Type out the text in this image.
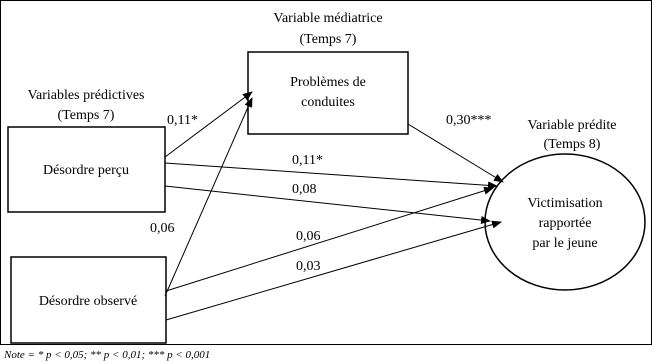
Variable médiatrice
(Temps 7)
Variables prédictives
(Temps 7)
Variable prédite
(Temps 8)
Problèmes de
conduites
Désordre perçu
Désordre observé
Victimisation
rapportée
par le jeune
0,11*
0,06
0,30***
0,11*
0,08
0,06
0,03
Note = * p < 0,05; ** p < 0,01; *** p < 0,001
